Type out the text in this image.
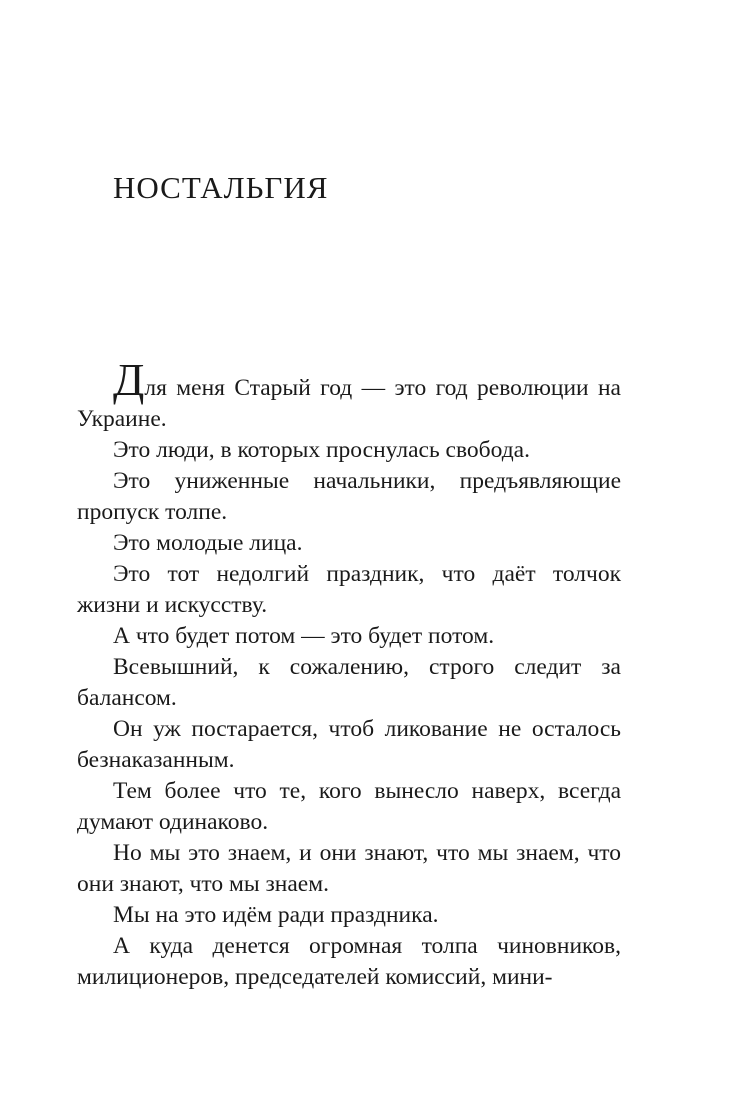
НОСТАЛЬГИЯ

Для меня Старый год — это год революции на Украине.

Это люди, в которых проснулась свобода.

Это униженные начальники, предъявляющие пропуск толпе.

Это молодые лица.

Это тот недолгий праздник, что даёт толчок жизни и искусству.

А что будет потом — это будет потом.

Всевышний, к сожалению, строго следит за балансом.

Он уж постарается, чтоб ликование не осталось безнаказанным.

Тем более что те, кого вынесло наверх, всегда думают одинаково.

Но мы это знаем, и они знают, что мы знаем, что они знают, что мы знаем.

Мы на это идём ради праздника.

А куда денется огромная толпа чиновников, милиционеров, председателей комиссий, мини-
